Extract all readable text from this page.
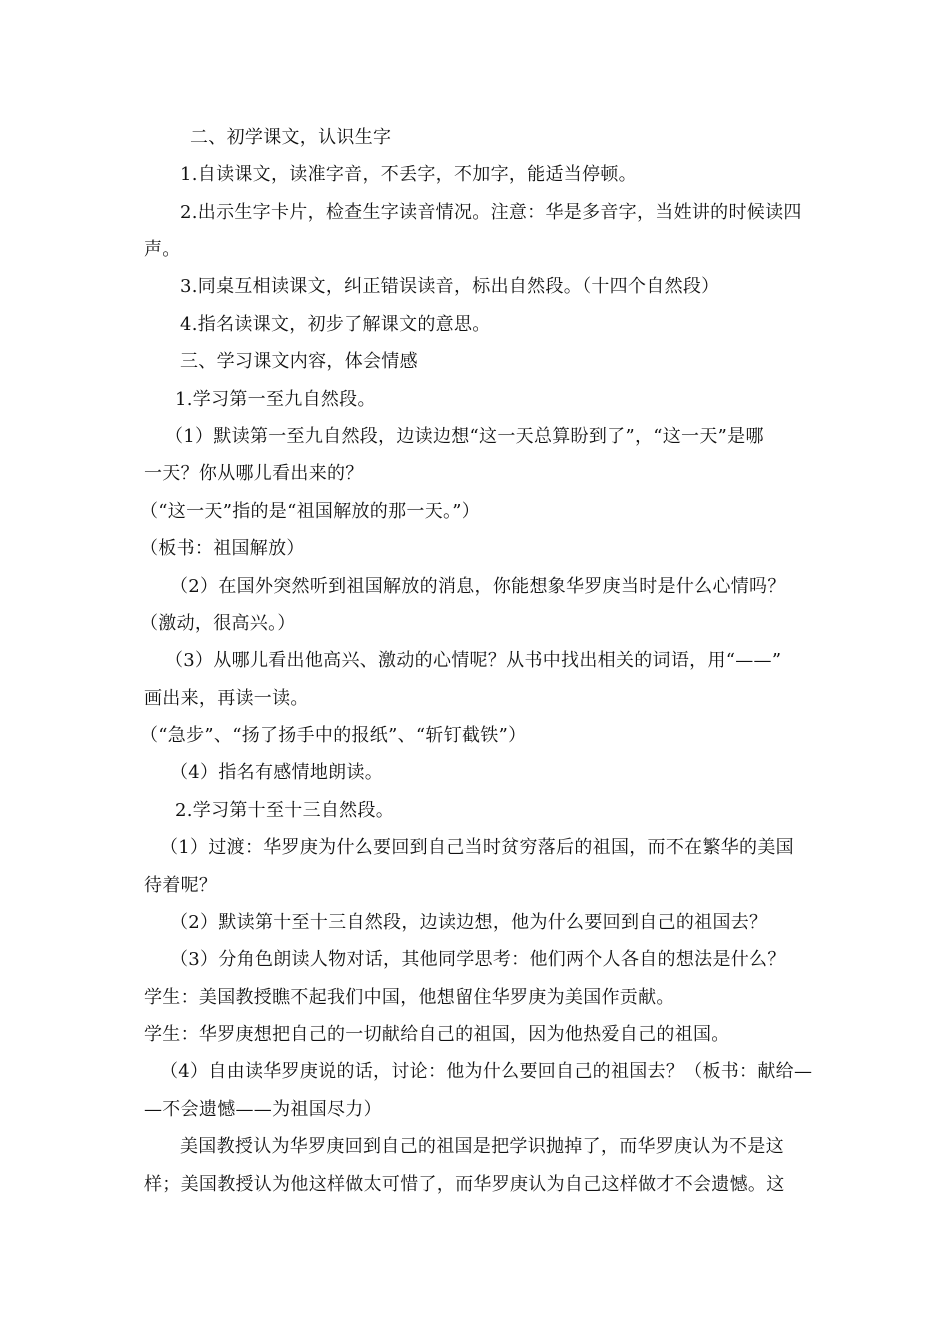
二、初学课文，认识生字
1.自读课文，读准字音，不丢字，不加字，能适当停顿。
2.出示生字卡片，检查生字读音情况。注意：华是多音字，当姓讲的时候读四
声。
3.同桌互相读课文，纠正错误读音，标出自然段。（十四个自然段）
4.指名读课文，初步了解课文的意思。
三、学习课文内容，体会情感
1.学习第一至九自然段。
（1）默读第一至九自然段，边读边想“这一天总算盼到了”，“这一天”是哪
一天？你从哪儿看出来的？
（“这一天”指的是“祖国解放的那一天。”）
（板书：祖国解放）
（2）在国外突然听到祖国解放的消息，你能想象华罗庚当时是什么心情吗？
（激动，很高兴。）
（3）从哪儿看出他高兴、激动的心情呢？从书中找出相关的词语，用“——”
画出来，再读一读。
（“急步”、“扬了扬手中的报纸”、“斩钉截铁”）
（4）指名有感情地朗读。
2.学习第十至十三自然段。
（1）过渡：华罗庚为什么要回到自己当时贫穷落后的祖国，而不在繁华的美国
待着呢？
（2）默读第十至十三自然段，边读边想，他为什么要回到自己的祖国去？
（3）分角色朗读人物对话，其他同学思考：他们两个人各自的想法是什么？
学生：美国教授瞧不起我们中国，他想留住华罗庚为美国作贡献。
学生：华罗庚想把自己的一切献给自己的祖国，因为他热爱自己的祖国。
（4）自由读华罗庚说的话，讨论：他为什么要回自己的祖国去？（板书：献给—
—不会遗憾——为祖国尽力）
美国教授认为华罗庚回到自己的祖国是把学识抛掉了，而华罗庚认为不是这
样；美国教授认为他这样做太可惜了，而华罗庚认为自己这样做才不会遗憾。这
